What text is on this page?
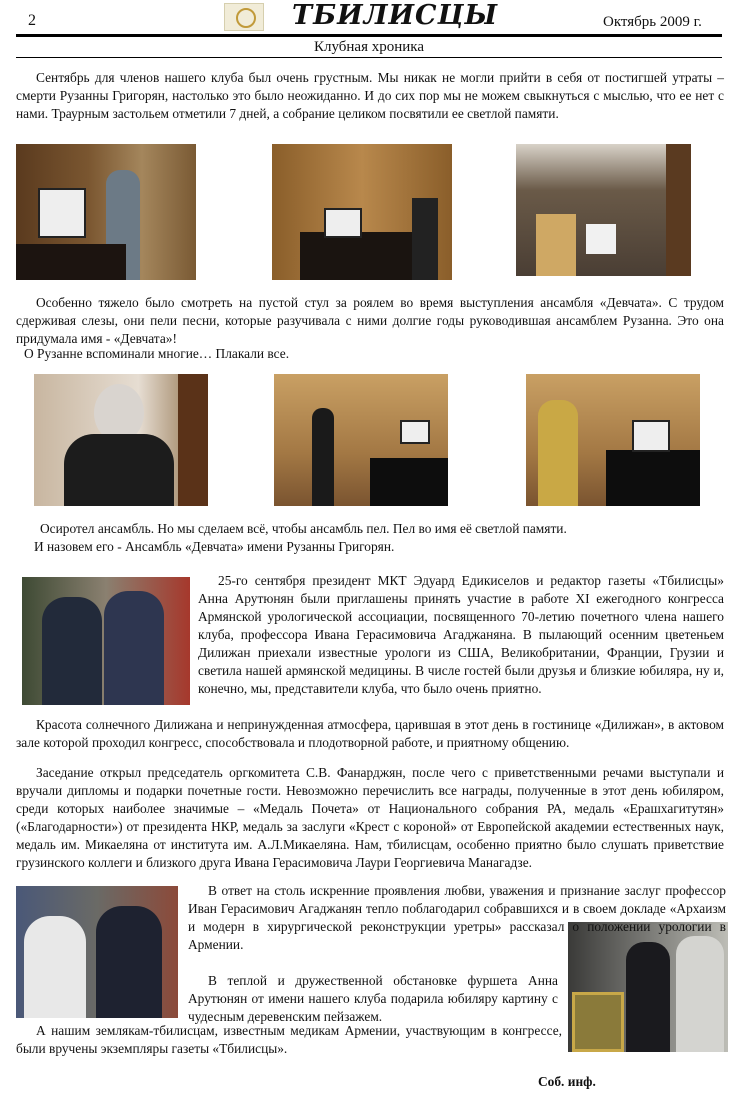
2	ТБИЛИСЦЫ	Октябрь 2009 г.
Клубная хроника
Сентябрь для членов нашего клуба был очень грустным. Мы никак не могли прийти в себя от постигшей утраты – смерти Рузанны Григорян, настолько это было неожиданно. И до сих пор мы не можем свыкнуться с мыслью, что ее нет с нами. Траурным застольем отметили 7 дней, а собрание целиком посвятили ее светлой памяти.
Особенно тяжело было смотреть на пустой стул за роялем во время выступления ансамбля «Девчата». С трудом сдерживая слезы, они пели песни, которые разучивала с ними долгие годы руководившая ансамблем Рузанна. Это она придумала имя - «Девчата»!
О Рузанне вспоминали многие… Плакали все.
Осиротел ансамбль. Но мы сделаем всё, чтобы ансамбль пел. Пел во имя её светлой памяти.
И назовем его - Ансамбль «Девчата» имени Рузанны Григорян.
25-го сентября президент МКТ Эдуард Едикиселов и редактор газеты «Тбилисцы» Анна Арутюнян были приглашены принять участие в работе XI ежегодного конгресса Армянской урологической ассоциации, посвященного 70-летию почетного члена нашего клуба, профессора Ивана Герасимовича Агаджаняна. В пылающий осенним цветеньем Дилижан приехали известные урологи из США, Великобритании, Франции, Грузии и светила нашей армянской медицины. В числе гостей были друзья и близкие юбиляра, ну и, конечно, мы, представители клуба, что было очень приятно.
Красота солнечного Дилижана и непринужденная атмосфера, царившая в этот день в гостинице «Дилижан», в актовом зале которой проходил конгресс, способствовала и плодотворной работе, и приятному общению.
Заседание открыл председатель оргкомитета С.В. Фанарджян, после чего с приветственными речами выступали и вручали дипломы и подарки почетные гости. Невозможно перечислить все награды, полученные в этот день юбиляром, среди которых наиболее значимые – «Медаль Почета» от Национального собрания РА, медаль «Ерашхагитутян» («Благодарности») от президента НКР, медаль за заслуги «Крест с короной» от Европейской академии естественных наук, медаль им. Микаеляна от института им. А.Л.Микаеляна. Нам, тбилисцам, особенно приятно было слушать приветствие грузинского коллеги и близкого друга Ивана Герасимовича Лаури Георгиевича Манагадзе.
В ответ на столь искренние проявления любви, уважения и признание заслуг профессор Иван Герасимович Агаджанян тепло поблагодарил собравшихся и в своем докладе «Архаизм и модерн в хирургической реконструкции уретры» рассказал о положении урологии в Армении.
В теплой и дружественной обстановке фуршета Анна Арутюнян от имени нашего клуба подарила юбиляру картину с чудесным деревенским пейзажем.
А нашим землякам-тбилисцам, известным медикам Армении, участвующим в конгрессе, были вручены экземпляры газеты «Тбилисцы».
Соб. инф.
